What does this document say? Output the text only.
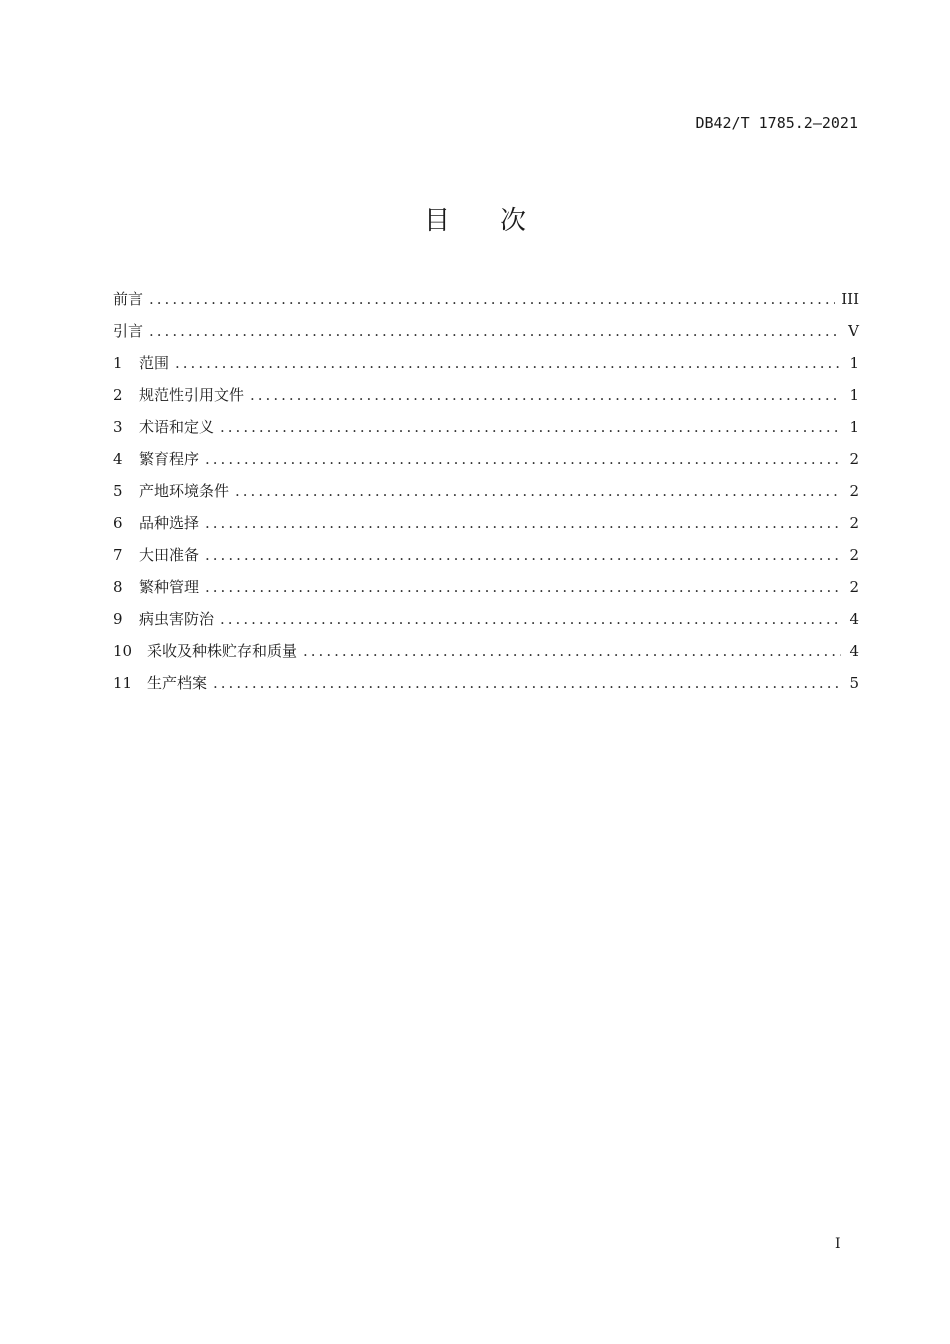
DB42/T 1785.2—2021
目 次
前言 .....	III
引言 .....	V
1	范围 .....	1
2	规范性引用文件 .....	1
3	术语和定义 .....	1
4	繁育程序 .....	2
5	产地环境条件 .....	2
6	品种选择 .....	2
7	大田准备 .....	2
8	繁种管理 .....	2
9	病虫害防治 .....	4
10 采收及种株贮存和质量 .....	4
11 生产档案 .....	5
I
